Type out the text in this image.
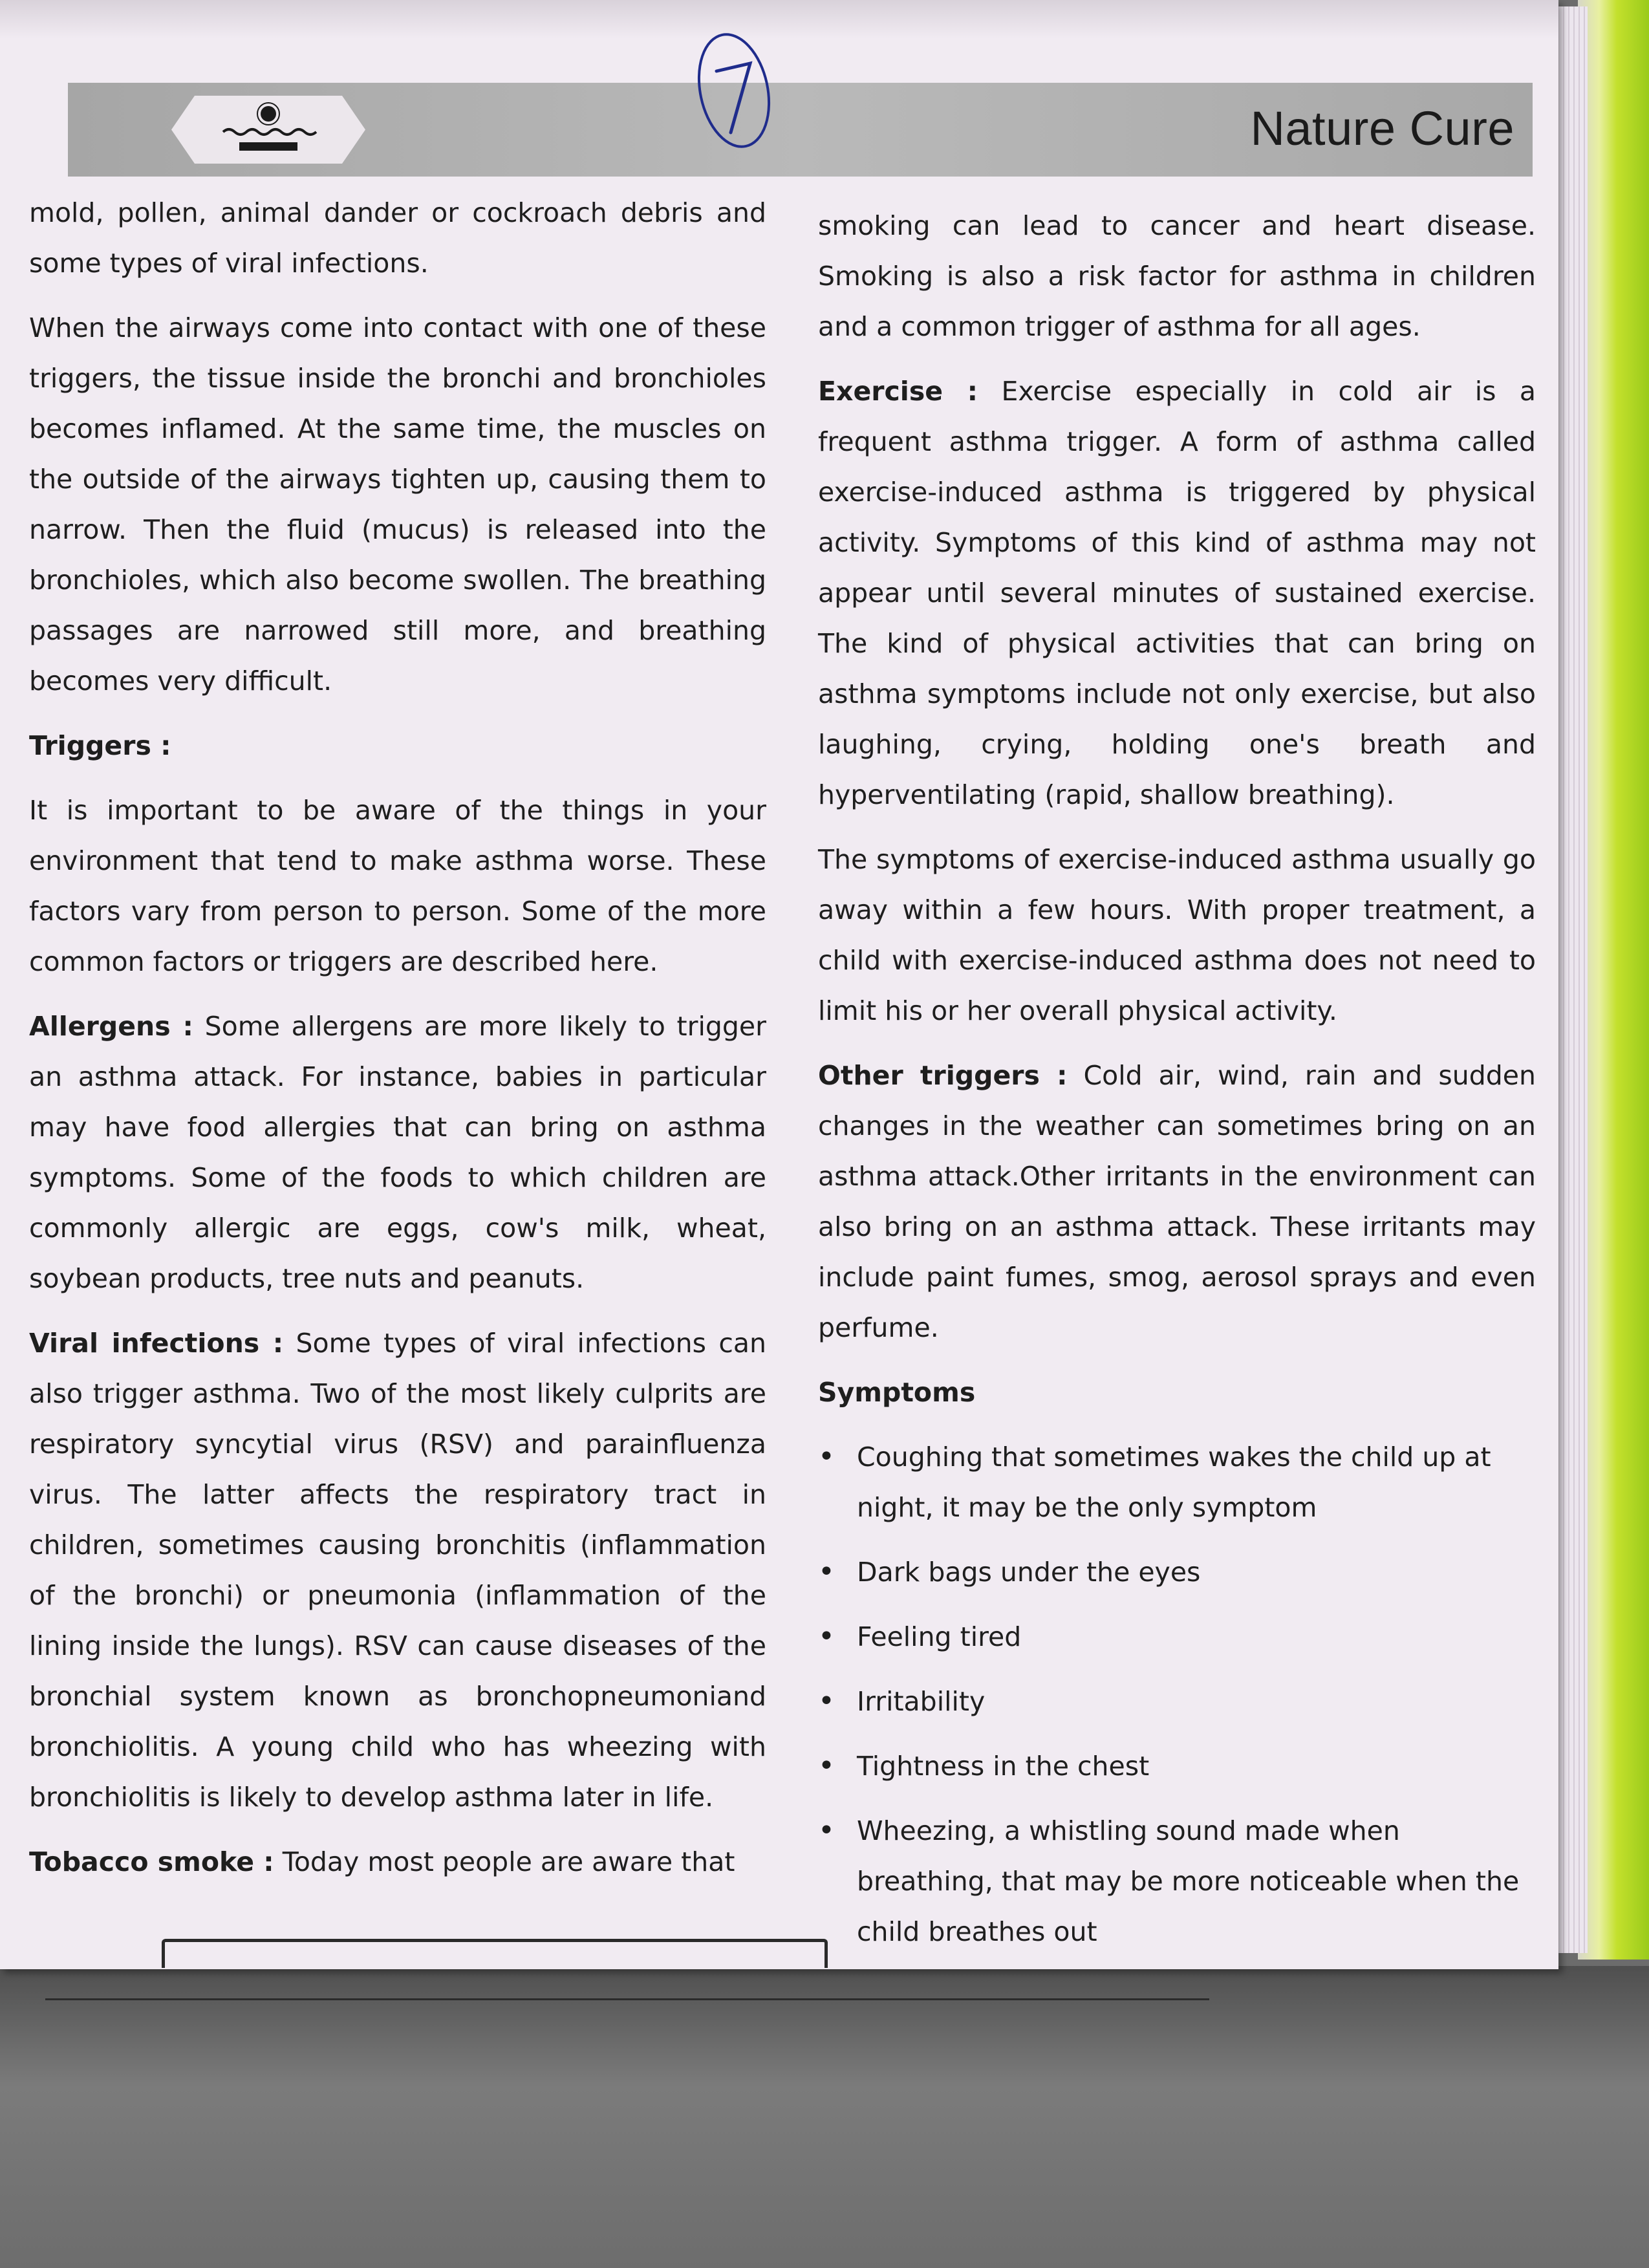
Nature Cure
7

mold, pollen, animal dander or cockroach debris and some types of viral infections.

When the airways come into contact with one of these triggers, the tissue inside the bronchi and bronchioles becomes inflamed. At the same time, the muscles on the outside of the airways tighten up, causing them to narrow. Then the fluid (mucus) is released into the bronchioles, which also become swollen. The breathing passages are narrowed still more, and breathing becomes very difficult.

Triggers :

It is important to be aware of the things in your environment that tend to make asthma worse. These factors vary from person to person. Some of the more common factors or triggers are described here.

Allergens : Some allergens are more likely to trigger an asthma attack. For instance, babies in particular may have food allergies that can bring on asthma symptoms. Some of the foods to which children are commonly allergic are eggs, cow's milk, wheat, soybean products, tree nuts and peanuts.

Viral infections : Some types of viral infections can also trigger asthma. Two of the most likely culprits are respiratory syncytial virus (RSV) and parainfluenza virus. The latter affects the respiratory tract in children, sometimes causing bronchitis (inflammation of the bronchi) or pneumonia (inflammation of the lining inside the lungs). RSV can cause diseases of the bronchial system known as bronchopneumoniand bronchiolitis. A young child who has wheezing with bronchiolitis is likely to develop asthma later in life.

Tobacco smoke : Today most people are aware that

smoking can lead to cancer and heart disease. Smoking is also a risk factor for asthma in children and a common trigger of asthma for all ages.

Exercise : Exercise especially in cold air is a frequent asthma trigger. A form of asthma called exercise-induced asthma is triggered by physical activity. Symptoms of this kind of asthma may not appear until several minutes of sustained exercise. The kind of physical activities that can bring on asthma symptoms include not only exercise, but also laughing, crying, holding one's breath and hyperventilating (rapid, shallow breathing).

The symptoms of exercise-induced asthma usually go away within a few hours. With proper treatment, a child with exercise-induced asthma does not need to limit his or her overall physical activity.

Other triggers : Cold air, wind, rain and sudden changes in the weather can sometimes bring on an asthma attack.Other irritants in the environment can also bring on an asthma attack. These irritants may include paint fumes, smog, aerosol sprays and even perfume.

Symptoms
• Coughing that sometimes wakes the child up at night, it may be the only symptom
• Dark bags under the eyes
• Feeling tired
• Irritability
• Tightness in the chest
• Wheezing, a whistling sound made when breathing, that may be more noticeable when the child breathes out
